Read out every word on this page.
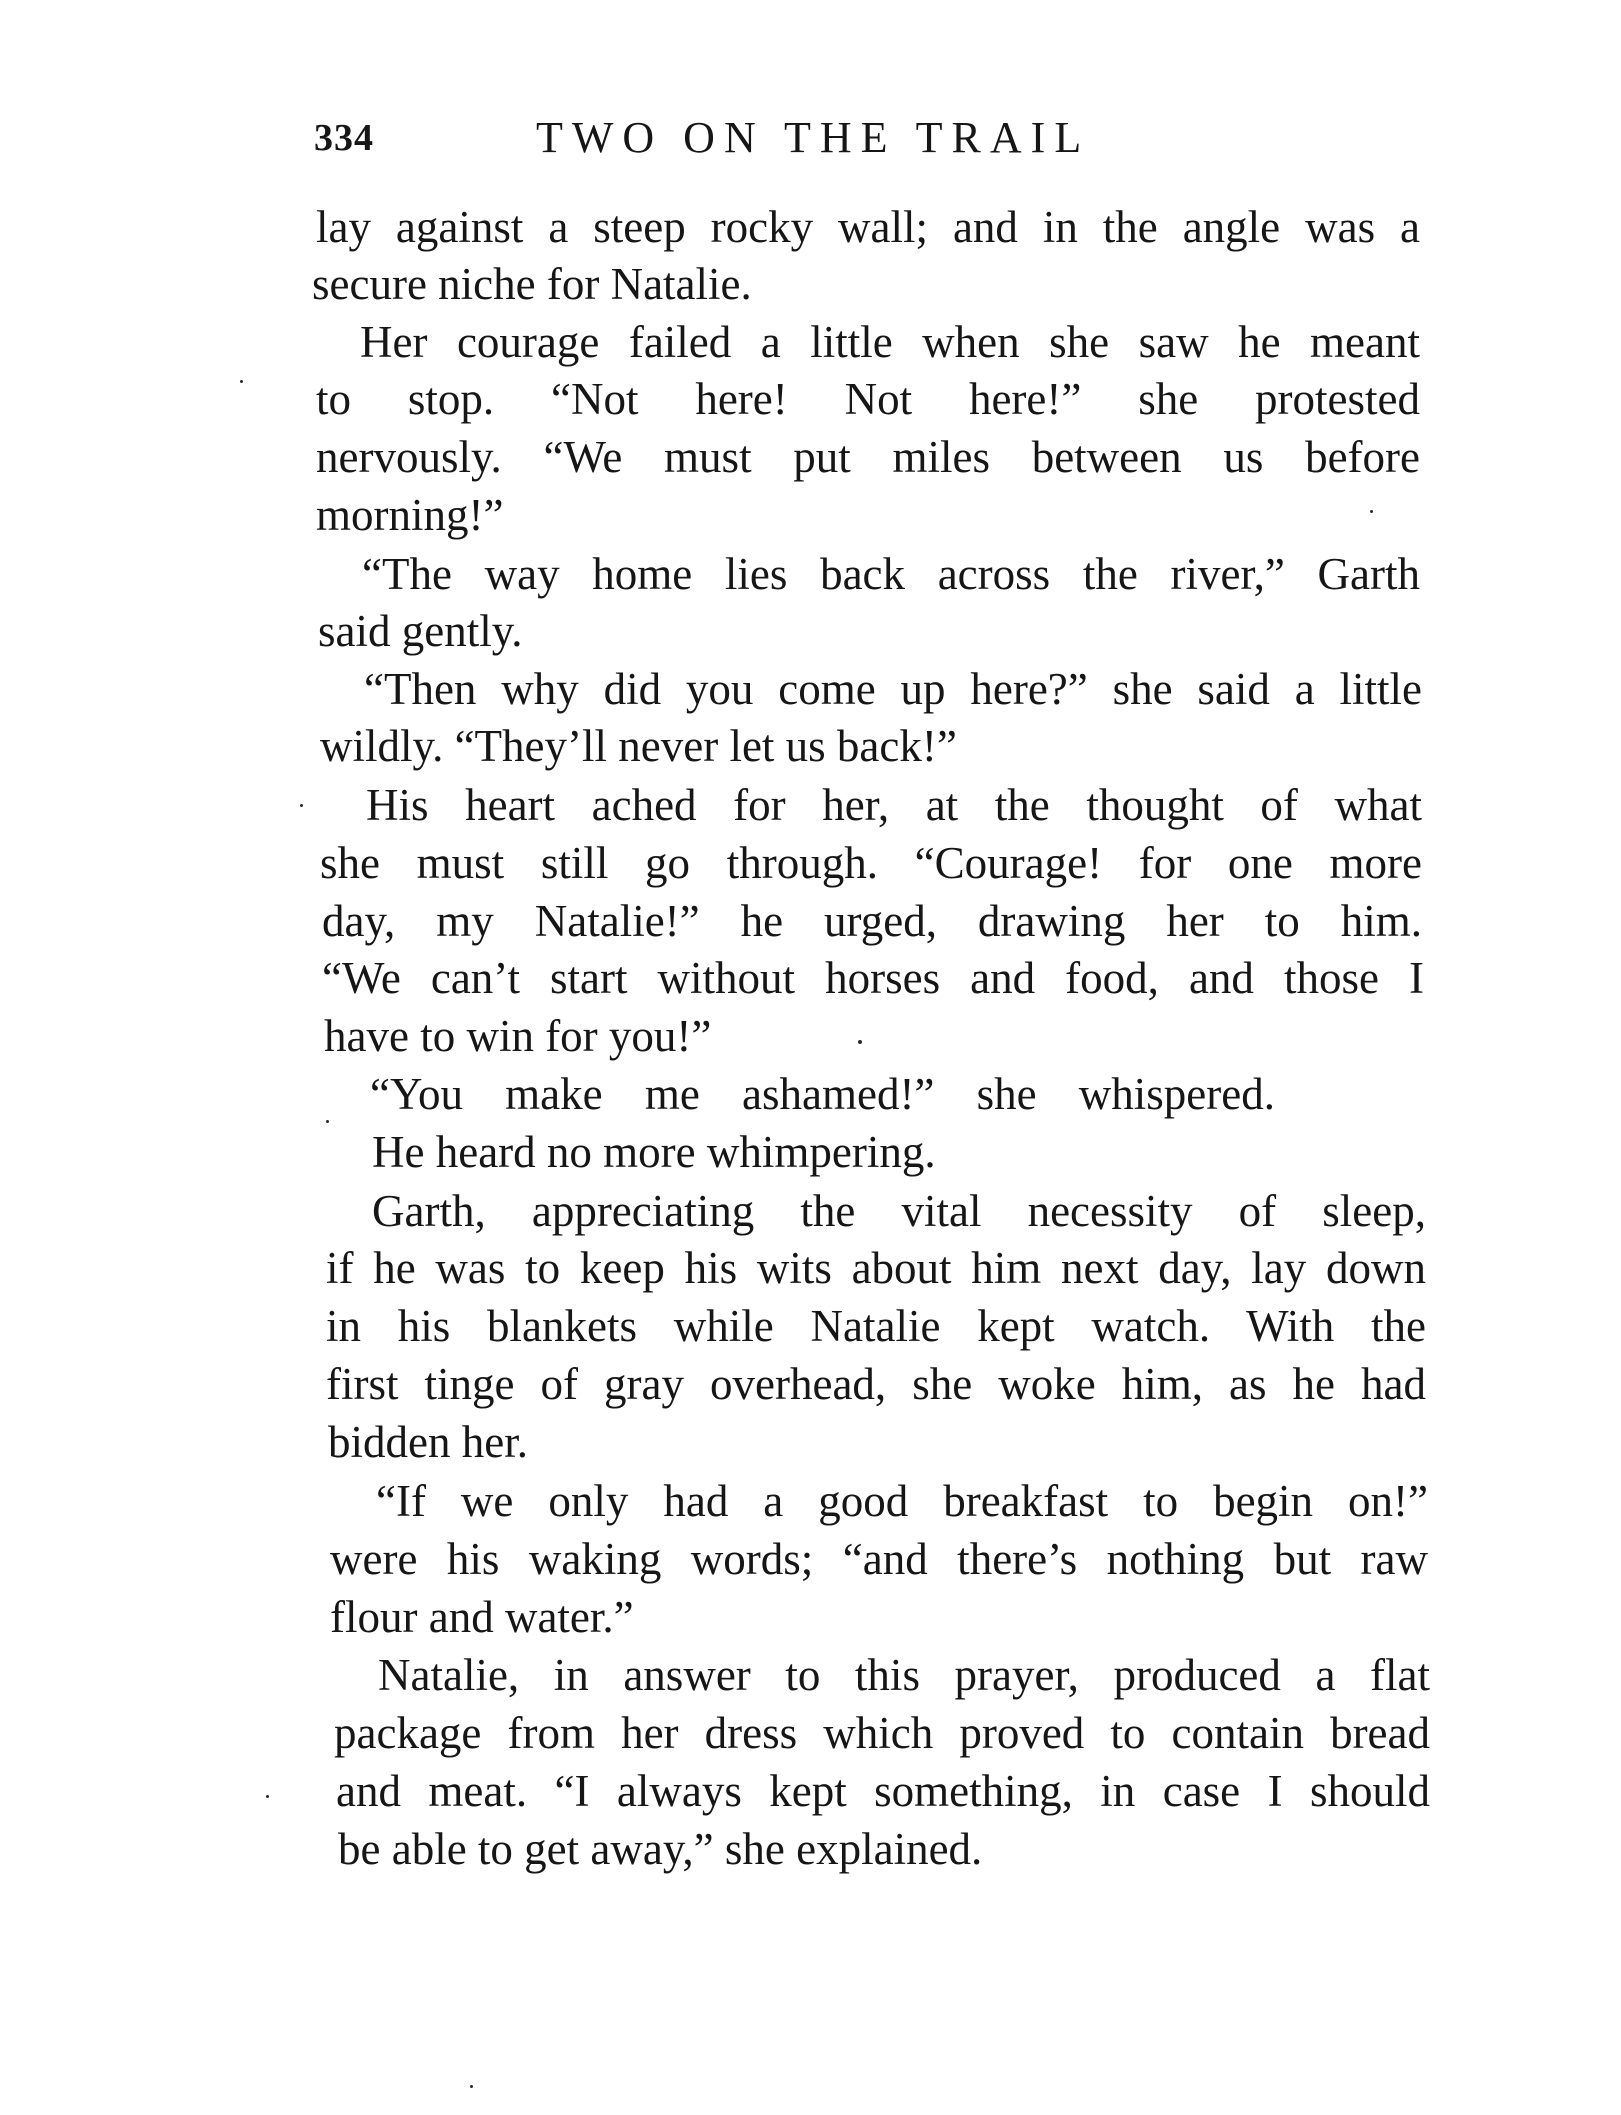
334	TWO ON THE TRAIL
lay against a steep rocky wall; and in the angle was a
secure niche for Natalie.
Her courage failed a little when she saw he meant
to stop. “Not here! Not here!” she protested
nervously. “We must put miles between us before
morning!”
“The way home lies back across the river,” Garth
said gently.
“Then why did you come up here?” she said a little
wildly. “They’ll never let us back!”
His heart ached for her, at the thought of what
she must still go through. “Courage! for one more
day, my Natalie!” he urged, drawing her to him.
“We can’t start without horses and food, and those I
have to win for you!”
“You make me ashamed!” she whispered.
He heard no more whimpering.
Garth, appreciating the vital necessity of sleep,
if he was to keep his wits about him next day, lay down
in his blankets while Natalie kept watch. With the
first tinge of gray overhead, she woke him, as he had
bidden her.
“If we only had a good breakfast to begin on!”
were his waking words; “and there’s nothing but raw
flour and water.”
Natalie, in answer to this prayer, produced a flat
package from her dress which proved to contain bread
and meat. “I always kept something, in case I should
be able to get away,” she explained.
